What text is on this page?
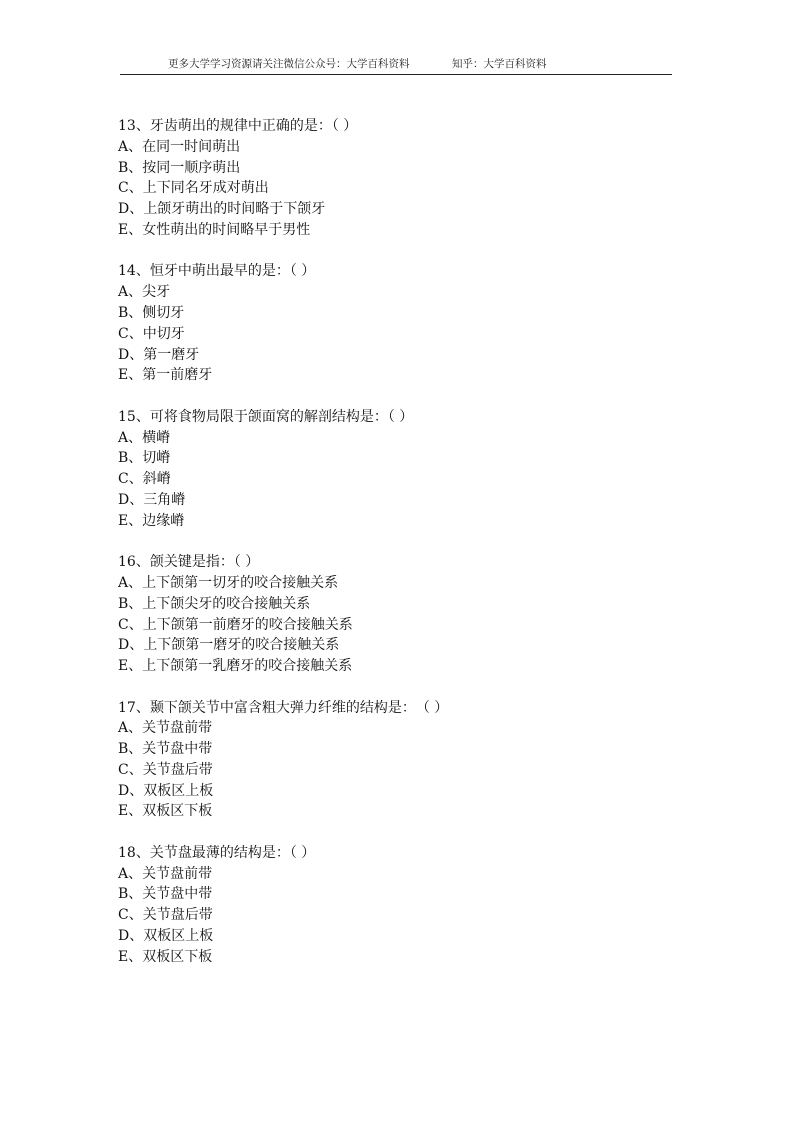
更多大学学习资源请关注微信公众号：大学百科资料	知乎：大学百科资料
13、牙齿萌出的规律中正确的是：（ ）
A、在同一时间萌出
B、按同一顺序萌出
C、上下同名牙成对萌出
D、上颌牙萌出的时间略于下颌牙
E、女性萌出的时间略早于男性
14、恒牙中萌出最早的是：（ ）
A、尖牙
B、侧切牙
C、中切牙
D、第一磨牙
E、第一前磨牙
15、可将食物局限于颌面窝的解剖结构是：（ ）
A、横嵴
B、切嵴
C、斜嵴
D、三角嵴
E、边缘嵴
16、颌关键是指：（ ）
A、上下颌第一切牙的咬合接触关系
B、上下颌尖牙的咬合接触关系
C、上下颌第一前磨牙的咬合接触关系
D、上下颌第一磨牙的咬合接触关系
E、上下颌第一乳磨牙的咬合接触关系
17、颞下颌关节中富含粗大弹力纤维的结构是：　（ ）
A、关节盘前带
B、关节盘中带
C、关节盘后带
D、双板区上板
E、双板区下板
18、关节盘最薄的结构是：（ ）
A、关节盘前带
B、关节盘中带
C、关节盘后带
D、双板区上板
E、双板区下板
